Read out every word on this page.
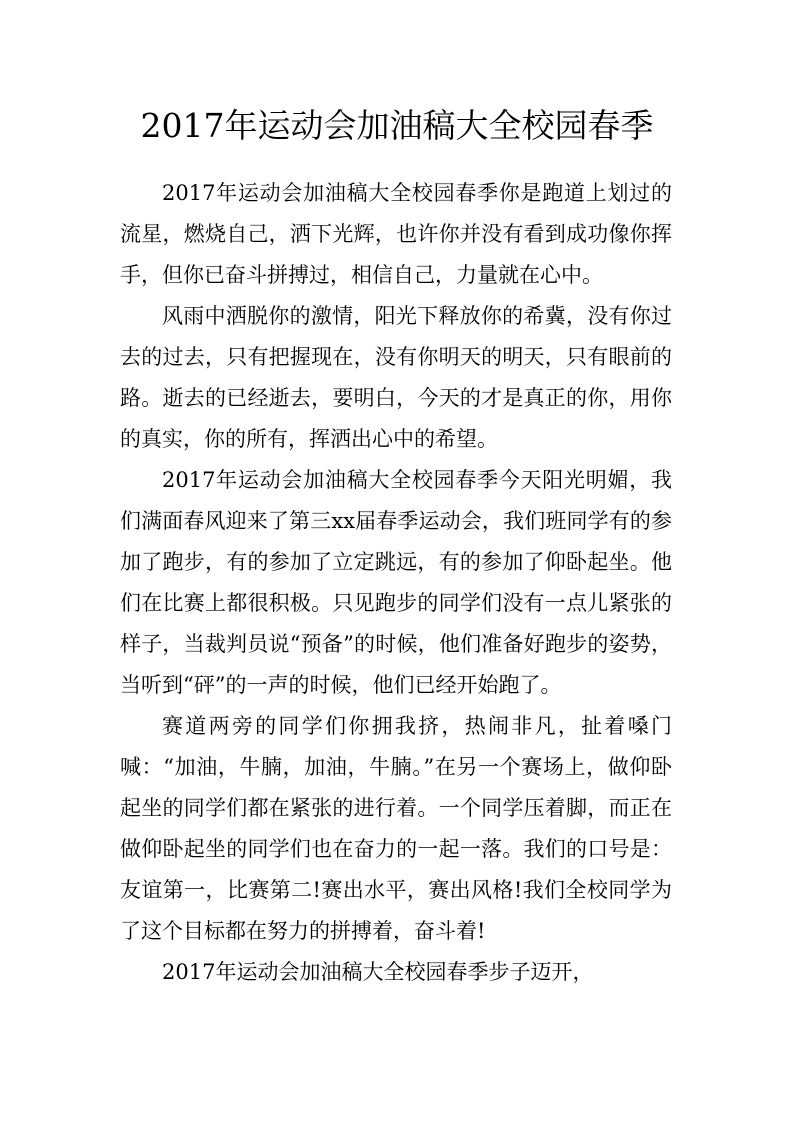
2017年运动会加油稿大全校园春季

2017年运动会加油稿大全校园春季你是跑道上划过的流星，燃烧自己，洒下光辉，也许你并没有看到成功像你挥手，但你已奋斗拼搏过，相信自己，力量就在心中。

风雨中洒脱你的激情，阳光下释放你的希冀，没有你过去的过去，只有把握现在，没有你明天的明天，只有眼前的路。逝去的已经逝去，要明白，今天的才是真正的你，用你的真实，你的所有，挥洒出心中的希望。

2017年运动会加油稿大全校园春季今天阳光明媚，我们满面春风迎来了第三xx届春季运动会，我们班同学有的参加了跑步，有的参加了立定跳远，有的参加了仰卧起坐。他们在比赛上都很积极。只见跑步的同学们没有一点儿紧张的样子，当裁判员说“预备”的时候，他们准备好跑步的姿势，当听到“砰”的一声的时候，他们已经开始跑了。

赛道两旁的同学们你拥我挤，热闹非凡，扯着嗓门喊：“加油，牛腩，加油，牛腩。”在另一个赛场上，做仰卧起坐的同学们都在紧张的进行着。一个同学压着脚，而正在做仰卧起坐的同学们也在奋力的一起一落。我们的口号是：友谊第一，比赛第二!赛出水平，赛出风格!我们全校同学为了这个目标都在努力的拼搏着，奋斗着!

2017年运动会加油稿大全校园春季步子迈开，
